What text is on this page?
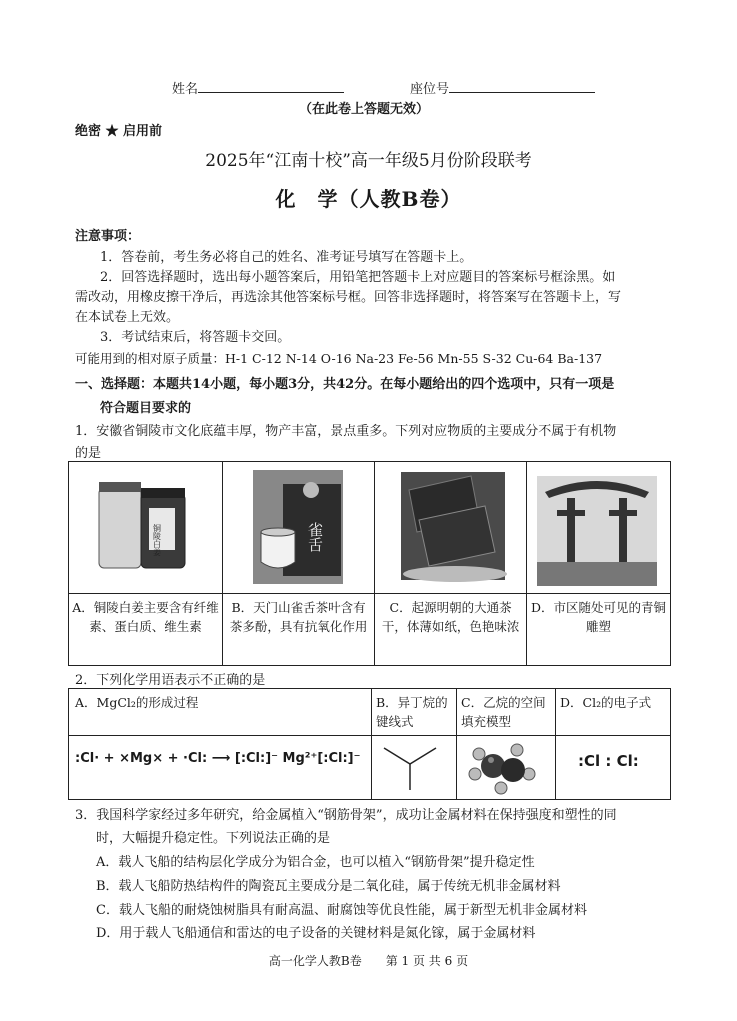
姓名	座位号
（在此卷上答题无效）
绝密 ★ 启用前
2025年“江南十校”高一年级5月份阶段联考
化　学（人教B卷）
注意事项：
1．答卷前，考生务必将自己的姓名、准考证号填写在答题卡上。
2．回答选择题时，选出每小题答案后，用铅笔把答题卡上对应题目的答案标号框涂黑。如
需改动，用橡皮擦干净后，再选涂其他答案标号框。回答非选择题时，将答案写在答题卡上，写
在本试卷上无效。
3．考试结束后，将答题卡交回。
可能用到的相对原子质量：H-1 C-12 N-14 O-16 Na-23 Fe-56 Mn-55 S-32 Cu-64 Ba-137
一、选择题：本题共14小题，每小题3分，共42分。在每小题给出的四个选项中，只有一项是
符合题目要求的
1．安徽省铜陵市文化底蕴丰厚，物产丰富，景点重多。下列对应物质的主要成分不属于有机物
的是
铜陵白姜	雀舌

A．铜陵白姜主要含有纤维素、蛋白质、维生素	B．天门山雀舌茶叶含有茶多酚，具有抗氧化作用	C．起源明朝的大通茶干，体薄如纸，色艳味浓	D．市区随处可见的青铜雕塑
2．下列化学用语表示不正确的是
A．MgCl₂的形成过程	B．异丁烷的键线式	C．乙烷的空间填充模型	D．Cl₂的电子式
:Cl· + ×Mg× + ·Cl: ⟶ [:Cl:]⁻ Mg²⁺[:Cl:]⁻			:Cl : Cl:
3．我国科学家经过多年研究，给金属植入“钢筋骨架”，成功让金属材料在保持强度和塑性的同
时，大幅提升稳定性。下列说法正确的是
A．载人飞船的结构层化学成分为铝合金，也可以植入“钢筋骨架”提升稳定性
B．载人飞船防热结构件的陶瓷瓦主要成分是二氧化硅，属于传统无机非金属材料
C．载人飞船的耐烧蚀树脂具有耐高温、耐腐蚀等优良性能，属于新型无机非金属材料
D．用于载人飞船通信和雷达的电子设备的关键材料是氮化镓，属于金属材料
高一化学人教B卷　　第 1 页 共 6 页
